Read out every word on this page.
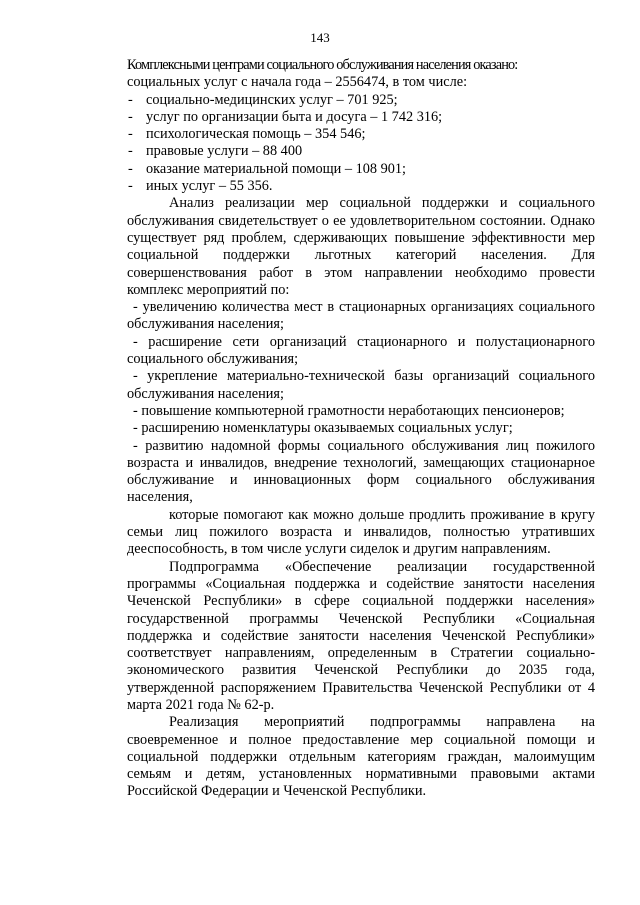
143

Комплексными центрами социального обслуживания населения оказано:

социальных услуг с начала года – 2556474, в том числе:

- социально-медицинских услуг – 701 925;
- услуг по организации быта и досуга – 1 742 316;
- психологическая помощь – 354 546;
- правовые услуги – 88 400
- оказание материальной помощи – 108 901;
- иных услуг – 55 356.

Анализ реализации мер социальной поддержки и социального обслуживания свидетельствует о ее удовлетворительном состоянии. Однако существует ряд проблем, сдерживающих повышение эффективности мер социальной поддержки льготных категорий населения. Для совершенствования работ в этом направлении необходимо провести комплекс мероприятий по:

- увеличению количества мест в стационарных организациях социального обслуживания населения;

- расширение сети организаций стационарного и полустационарного социального обслуживания;

- укрепление материально-технической базы организаций социального обслуживания населения;

- повышение компьютерной грамотности неработающих пенсионеров;

- расширению номенклатуры оказываемых социальных услуг;

- развитию надомной формы социального обслуживания лиц пожилого возраста и инвалидов, внедрение технологий, замещающих стационарное обслуживание и инновационных форм социального обслуживания населения,

которые помогают как можно дольше продлить проживание в кругу семьи лиц пожилого возраста и инвалидов, полностью утративших дееспособность, в том числе услуги сиделок и другим направлениям.

Подпрограмма «Обеспечение реализации государственной программы «Социальная поддержка и содействие занятости населения Чеченской Республики» в сфере социальной поддержки населения» государственной программы Чеченской Республики «Социальная поддержка и содействие занятости населения Чеченской Республики» соответствует направлениям, определенным в Стратегии социально-экономического развития Чеченской Республики до 2035 года, утвержденной распоряжением Правительства Чеченской Республики от 4 марта 2021 года № 62-р.

Реализация мероприятий подпрограммы направлена на своевременное и полное предоставление мер социальной помощи и социальной поддержки отдельным категориям граждан, малоимущим семьям и детям, установленных нормативными правовыми актами Российской Федерации и Чеченской Республики.
